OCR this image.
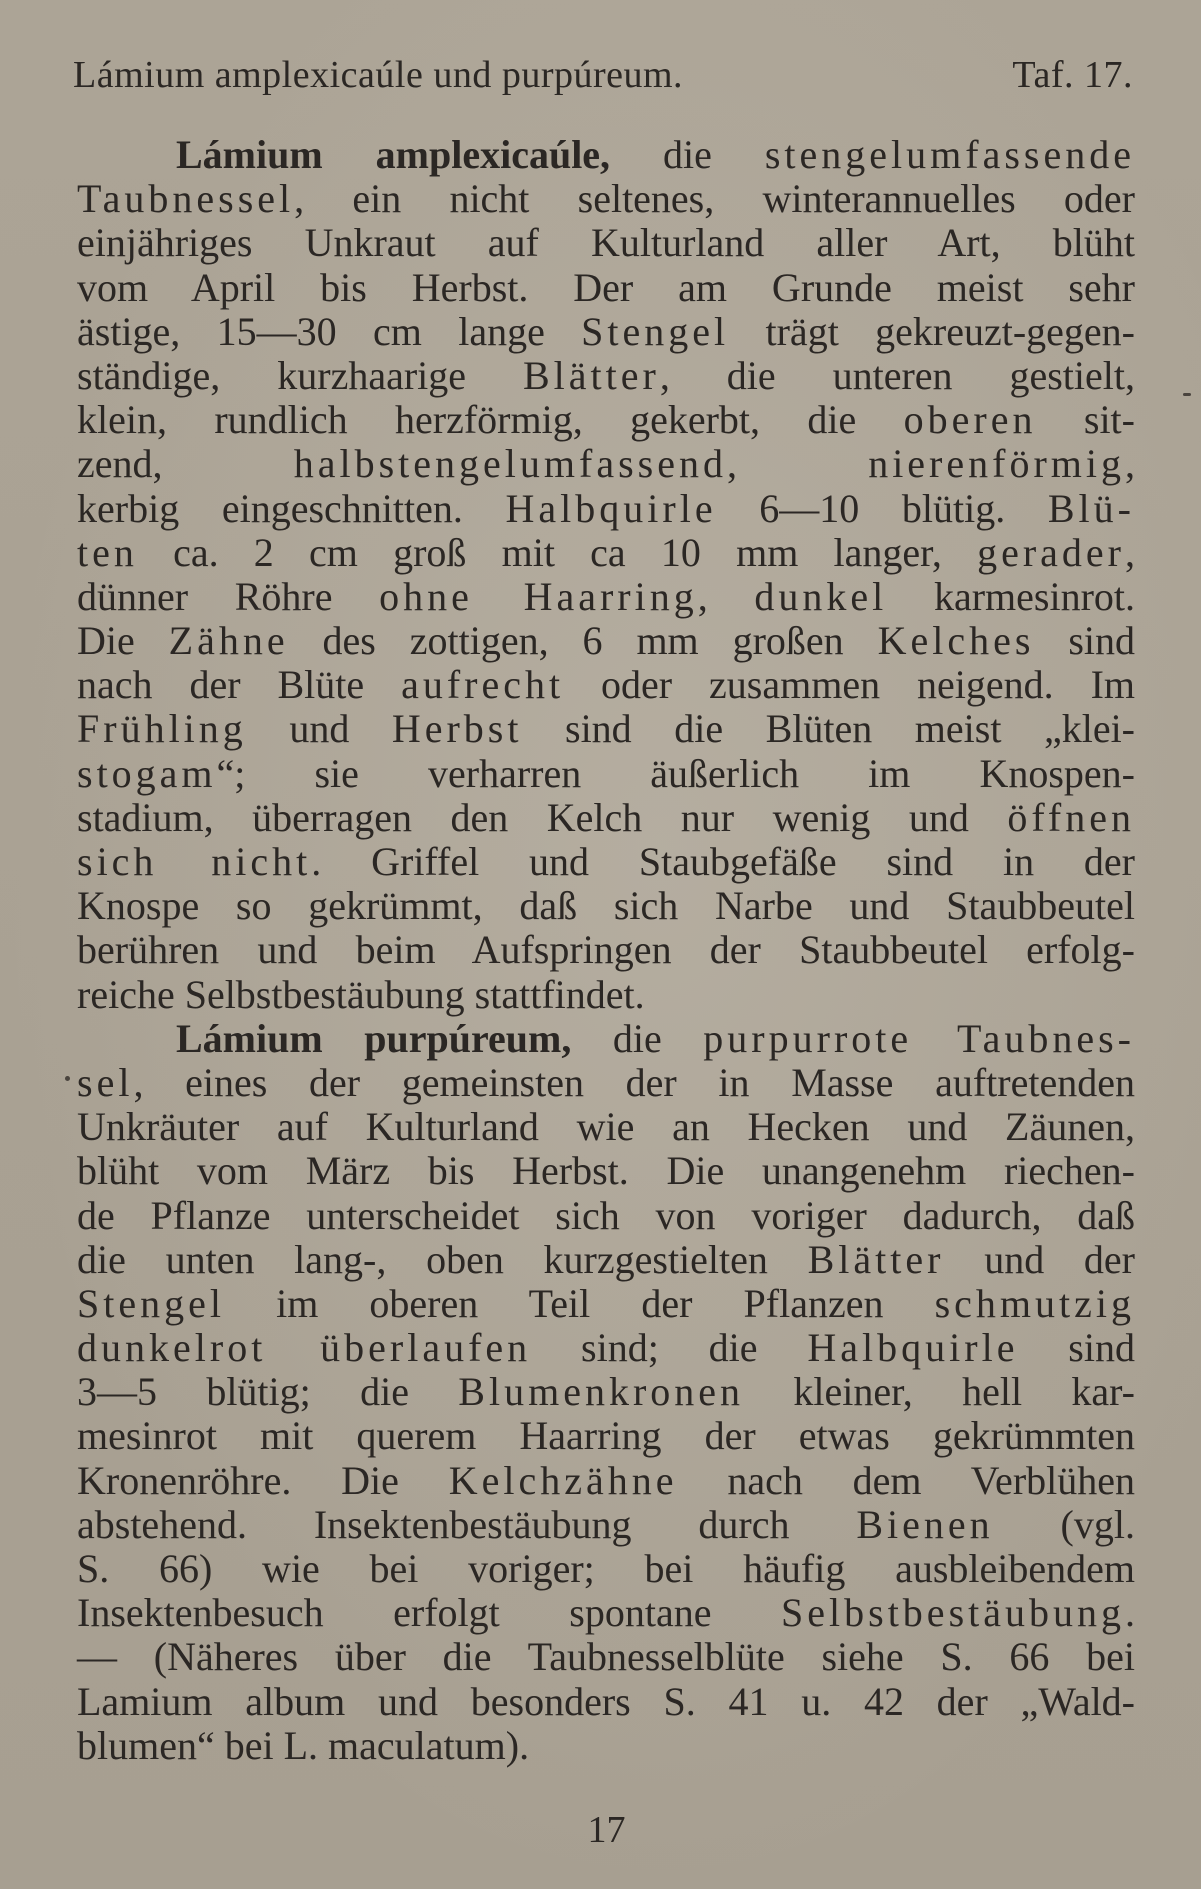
Lámium amplexicaúle und purpúreum.	Taf. 17.
Lámium amplexicaúle, die stengelumfassende
Taubnessel, ein nicht seltenes, winterannuelles oder
einjähriges Unkraut auf Kulturland aller Art, blüht
vom April bis Herbst. Der am Grunde meist sehr
ästige, 15—30 cm lange Stengel trägt gekreuzt-gegen-
ständige, kurzhaarige Blätter, die unteren gestielt,
klein, rundlich herzförmig, gekerbt, die oberen sit-
zend, halbstengelumfassend, nierenförmig,
kerbig eingeschnitten. Halbquirle 6—10 blütig. Blü-
ten ca. 2 cm groß mit ca 10 mm langer, gerader,
dünner Röhre ohne Haarring, dunkel karmesinrot.
Die Zähne des zottigen, 6 mm großen Kelches sind
nach der Blüte aufrecht oder zusammen neigend. Im
Frühling und Herbst sind die Blüten meist „klei-
stogam“; sie verharren äußerlich im Knospen-
stadium, überragen den Kelch nur wenig und öffnen
sich nicht. Griffel und Staubgefäße sind in der
Knospe so gekrümmt, daß sich Narbe und Staubbeutel
berühren und beim Aufspringen der Staubbeutel erfolg-
reiche Selbstbestäubung stattfindet.
Lámium purpúreum, die purpurrote Taubnes-
sel, eines der gemeinsten der in Masse auftretenden
Unkräuter auf Kulturland wie an Hecken und Zäunen,
blüht vom März bis Herbst. Die unangenehm riechen-
de Pflanze unterscheidet sich von voriger dadurch, daß
die unten lang-, oben kurzgestielten Blätter und der
Stengel im oberen Teil der Pflanzen schmutzig
dunkelrot überlaufen sind; die Halbquirle sind
3—5 blütig; die Blumenkronen kleiner, hell kar-
mesinrot mit querem Haarring der etwas gekrümmten
Kronenröhre. Die Kelchzähne nach dem Verblühen
abstehend. Insektenbestäubung durch Bienen (vgl.
S. 66) wie bei voriger; bei häufig ausbleibendem
Insektenbesuch erfolgt spontane Selbstbestäubung.
— (Näheres über die Taubnesselblüte siehe S. 66 bei
Lamium album und besonders S. 41 u. 42 der „Wald-
blumen“ bei L. maculatum).
17
